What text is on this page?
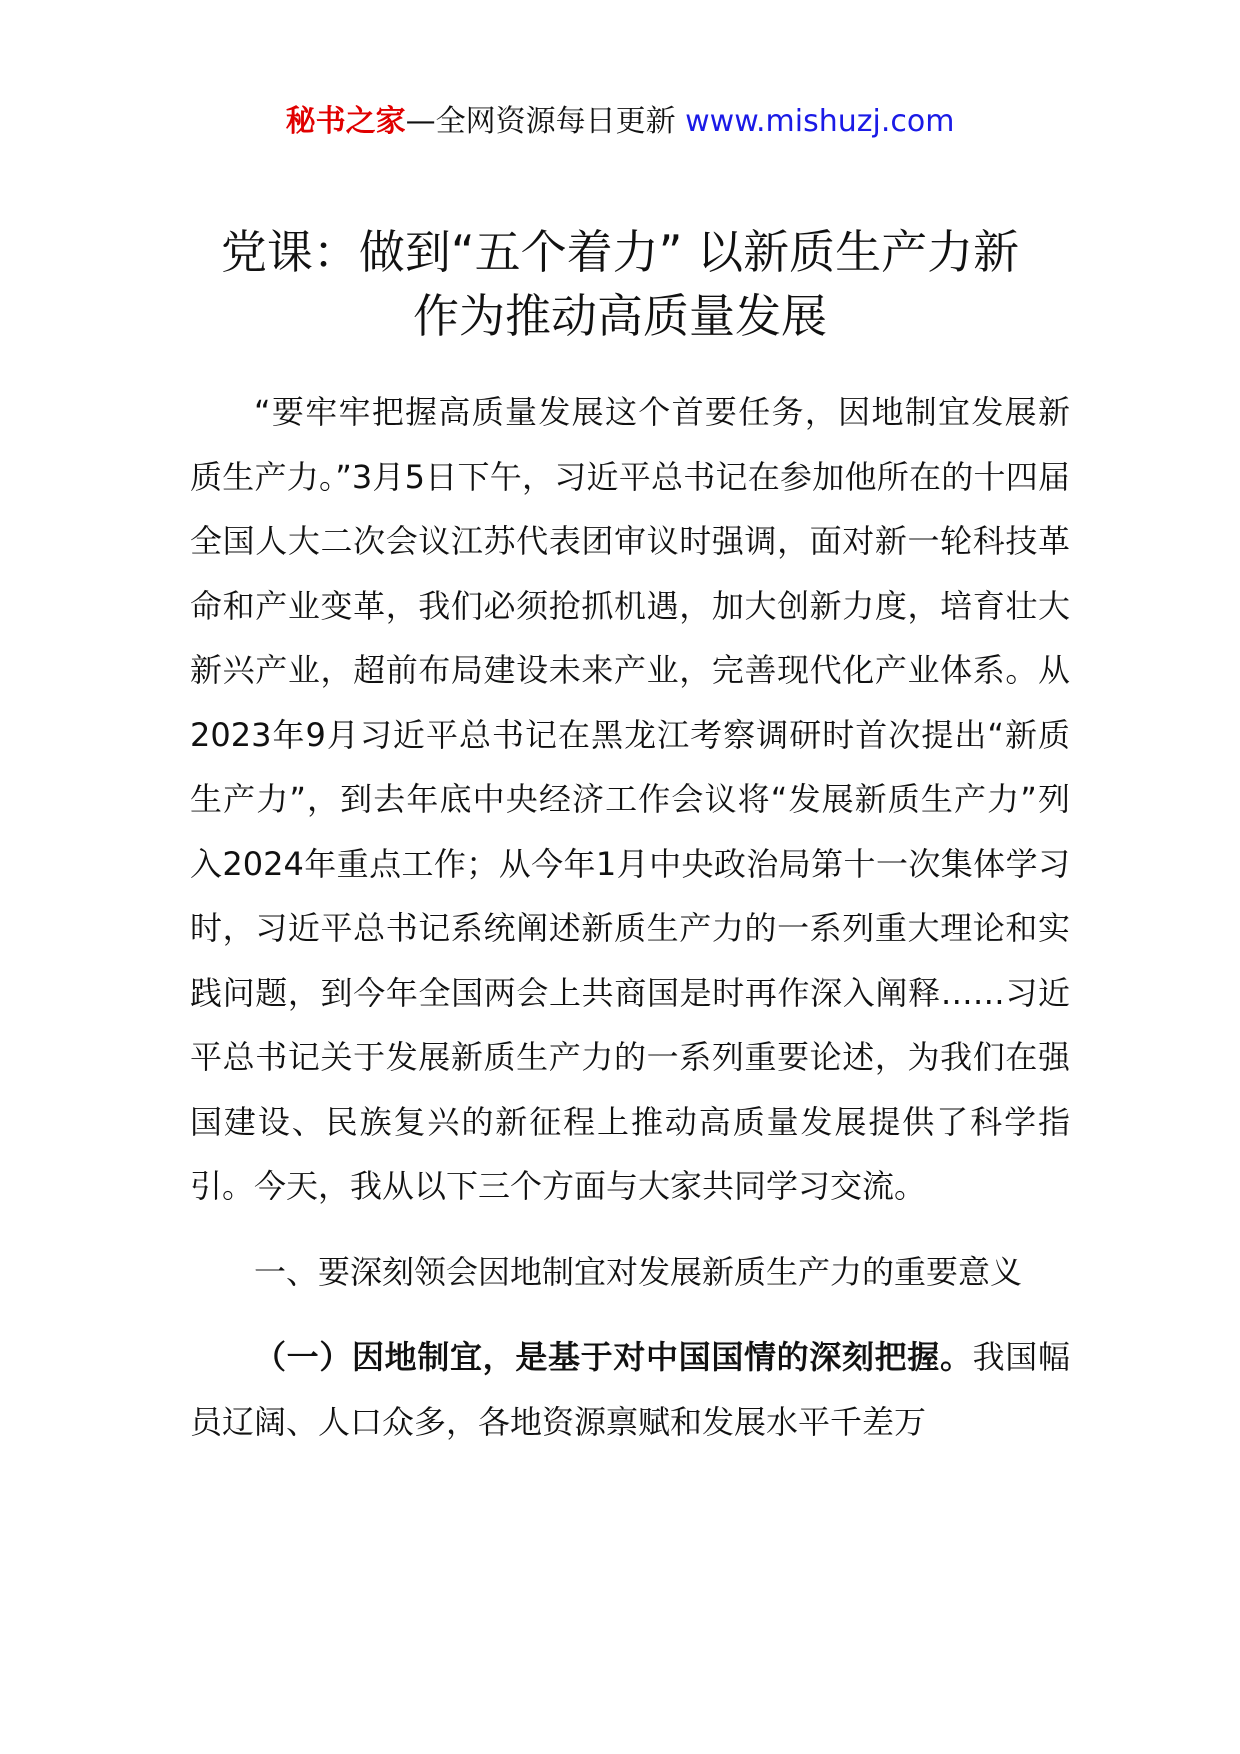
秘书之家—全网资源每日更新 www.mishuzj.com
党课：做到“五个着力” 以新质生产力新
作为推动高质量发展

“要牢牢把握高质量发展这个首要任务，因地制宜发展新质生产力。”3月5日下午，习近平总书记在参加他所在的十四届全国人大二次会议江苏代表团审议时强调，面对新一轮科技革命和产业变革，我们必须抢抓机遇，加大创新力度，培育壮大新兴产业，超前布局建设未来产业，完善现代化产业体系。从2023年9月习近平总书记在黑龙江考察调研时首次提出“新质生产力”，到去年底中央经济工作会议将“发展新质生产力”列入2024年重点工作；从今年1月中央政治局第十一次集体学习时，习近平总书记系统阐述新质生产力的一系列重大理论和实践问题，到今年全国两会上共商国是时再作深入阐释……习近平总书记关于发展新质生产力的一系列重要论述，为我们在强国建设、民族复兴的新征程上推动高质量发展提供了科学指引。今天，我从以下三个方面与大家共同学习交流。

一、要深刻领会因地制宜对发展新质生产力的重要意义

（一）因地制宜，是基于对中国国情的深刻把握。我国幅员辽阔、人口众多，各地资源禀赋和发展水平千差万
